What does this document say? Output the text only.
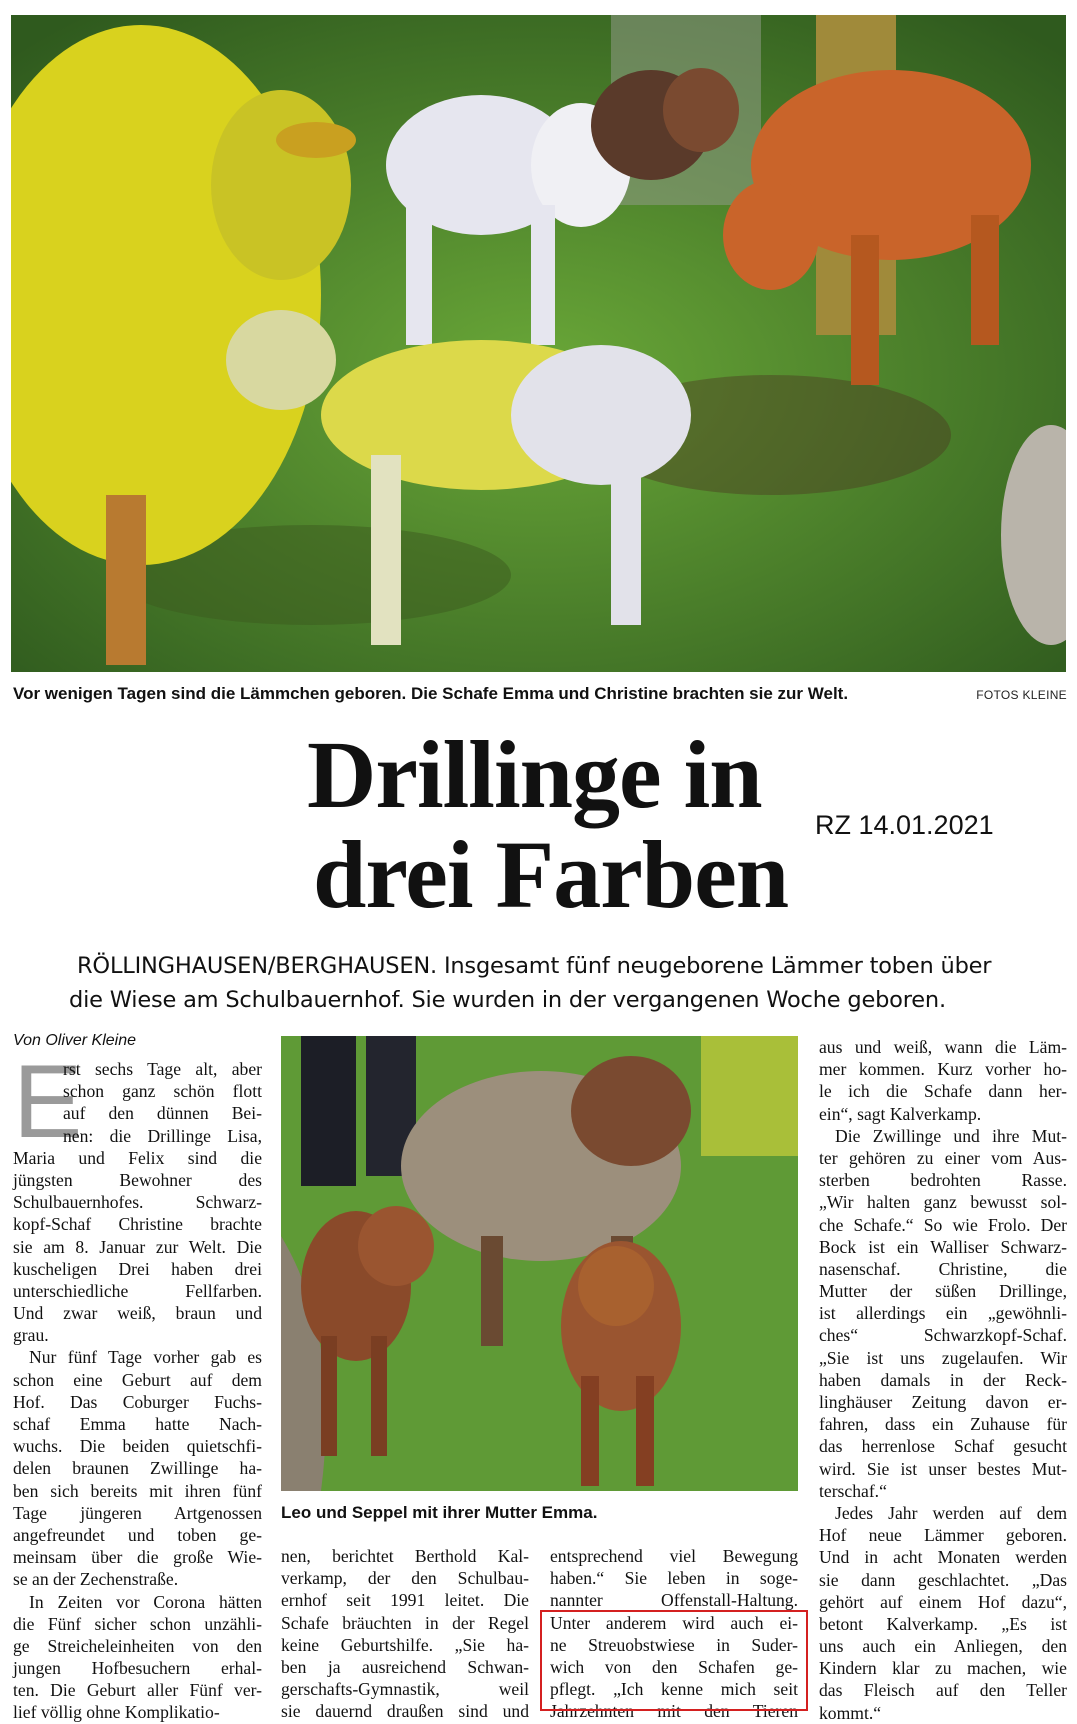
Vor wenigen Tagen sind die Lämmchen geboren. Die Schafe Emma und Christine brachten sie zur Welt.	FOTOS KLEINE
Drillinge in
drei Farben RZ 14.01.2021
RÖLLINGHAUSEN/BERGHAUSEN. Insgesamt fünf neugeborene Lämmer toben über
die Wiese am Schulbauernhof. Sie wurden in der vergangenen Woche geboren.
Von Oliver Kleine
E
rst sechs Tage alt, aber
schon ganz schön flott
auf den dünnen Bei-
nen: die Drillinge Lisa,
Maria und Felix sind die
jüngsten Bewohner des
Schulbauernhofes. Schwarz-
kopf-Schaf Christine brachte
sie am 8. Januar zur Welt. Die
kuscheligen Drei haben drei
unterschiedliche Fellfarben.
Und zwar weiß, braun und
grau.
Nur fünf Tage vorher gab es
schon eine Geburt auf dem
Hof. Das Coburger Fuchs-
schaf Emma hatte Nach-
wuchs. Die beiden quietschfi-
delen braunen Zwillinge ha-
ben sich bereits mit ihren fünf
Tage jüngeren Artgenossen
angefreundet und toben ge-
meinsam über die große Wie-
se an der Zechenstraße.
In Zeiten vor Corona hätten
die Fünf sicher schon unzähli-
ge Streicheleinheiten von den
jungen Hofbesuchern erhal-
ten. Die Geburt aller Fünf ver-
lief völlig ohne Komplikatio-
nen, berichtet Berthold Kal-
verkamp, der den Schulbau-
ernhof seit 1991 leitet. Die
Schafe bräuchten in der Regel
keine Geburtshilfe. „Sie ha-
ben ja ausreichend Schwan-
gerschafts-Gymnastik, weil
sie dauernd draußen sind und
entsprechend viel Bewegung
haben.“ Sie leben in soge-
nannter Offenstall-Haltung.
Unter anderem wird auch ei-
ne Streuobstwiese in Suder-
wich von den Schafen ge-
pflegt. „Ich kenne mich seit
Jahrzehnten mit den Tieren
aus und weiß, wann die Läm-
mer kommen. Kurz vorher ho-
le ich die Schafe dann her-
ein“, sagt Kalverkamp.
Die Zwillinge und ihre Mut-
ter gehören zu einer vom Aus-
sterben bedrohten Rasse.
„Wir halten ganz bewusst sol-
che Schafe.“ So wie Frolo. Der
Bock ist ein Walliser Schwarz-
nasenschaf. Christine, die
Mutter der süßen Drillinge,
ist allerdings ein „gewöhnli-
ches“ Schwarzkopf-Schaf.
„Sie ist uns zugelaufen. Wir
haben damals in der Reck-
linghäuser Zeitung davon er-
fahren, dass ein Zuhause für
das herrenlose Schaf gesucht
wird. Sie ist unser bestes Mut-
terschaf.“
Jedes Jahr werden auf dem
Hof neue Lämmer geboren.
Und in acht Monaten werden
sie dann geschlachtet. „Das
gehört auf einem Hof dazu“,
betont Kalverkamp. „Es ist
uns auch ein Anliegen, den
Kindern klar zu machen, wie
das Fleisch auf den Teller
kommt.“
Leo und Seppel mit ihrer Mutter Emma.
